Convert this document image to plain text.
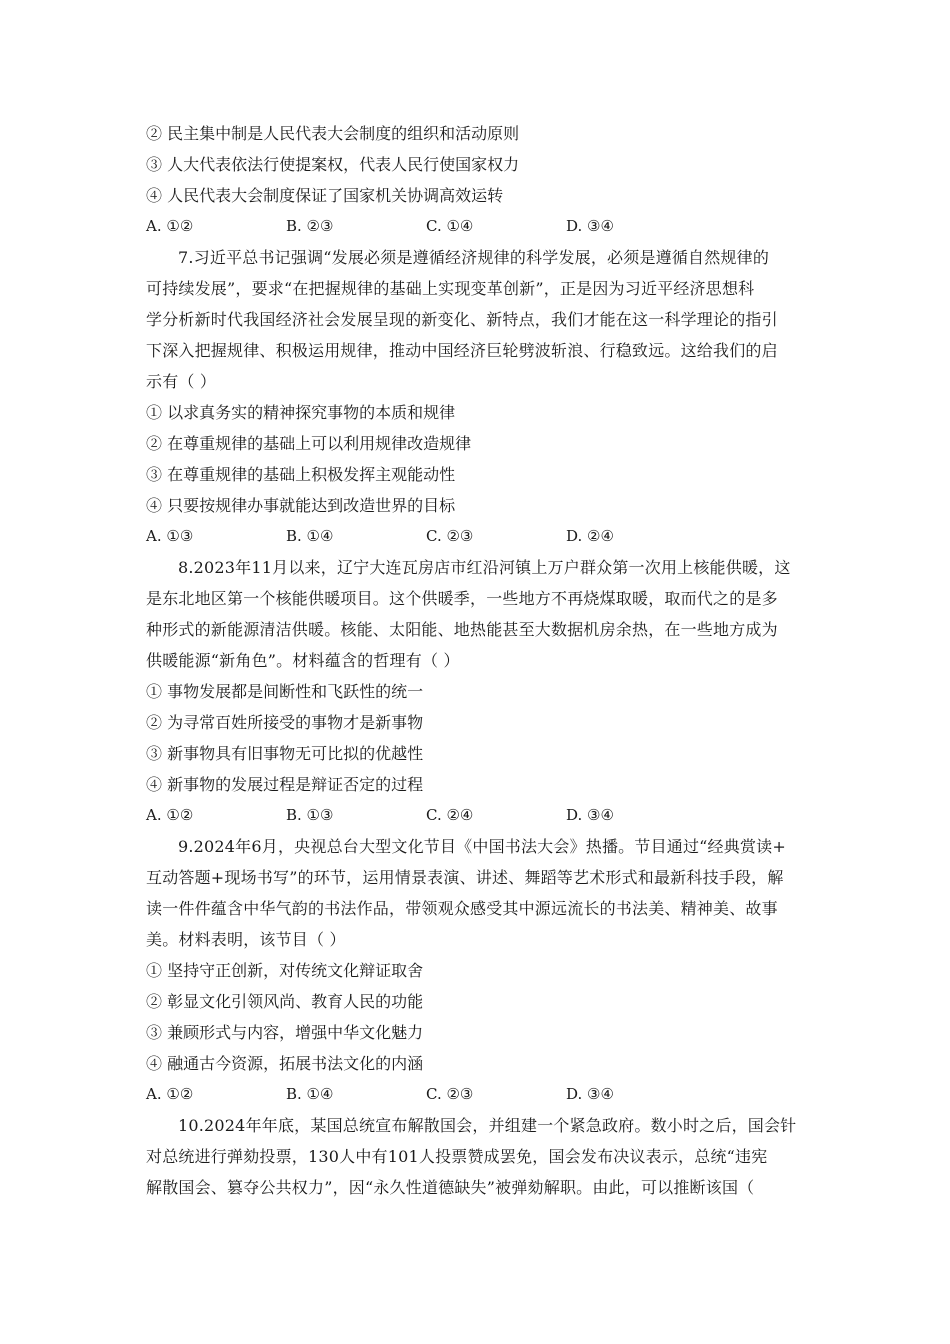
② 民主集中制是人民代表大会制度的组织和活动原则
③ 人大代表依法行使提案权，代表人民行使国家权力
④ 人民代表大会制度保证了国家机关协调高效运转
A. ①②	B. ②③	C. ①④	D. ③④
7.习近平总书记强调“发展必须是遵循经济规律的科学发展，必须是遵循自然规律的
可持续发展”，要求“在把握规律的基础上实现变革创新”，正是因为习近平经济思想科
学分析新时代我国经济社会发展呈现的新变化、新特点，我们才能在这一科学理论的指引
下深入把握规律、积极运用规律，推动中国经济巨轮劈波斩浪、行稳致远。这给我们的启
示有（ ）
① 以求真务实的精神探究事物的本质和规律
② 在尊重规律的基础上可以利用规律改造规律
③ 在尊重规律的基础上积极发挥主观能动性
④ 只要按规律办事就能达到改造世界的目标
A. ①③	B. ①④	C. ②③	D. ②④
8.2023年11月以来，辽宁大连瓦房店市红沿河镇上万户群众第一次用上核能供暖，这
是东北地区第一个核能供暖项目。这个供暖季，一些地方不再烧煤取暖，取而代之的是多
种形式的新能源清洁供暖。核能、太阳能、地热能甚至大数据机房余热，在一些地方成为
供暖能源“新角色”。材料蕴含的哲理有（ ）
① 事物发展都是间断性和飞跃性的统一
② 为寻常百姓所接受的事物才是新事物
③ 新事物具有旧事物无可比拟的优越性
④ 新事物的发展过程是辩证否定的过程
A. ①②	B. ①③	C. ②④	D. ③④
9.2024年6月，央视总台大型文化节目《中国书法大会》热播。节目通过“经典赏读+
互动答题+现场书写”的环节，运用情景表演、讲述、舞蹈等艺术形式和最新科技手段，解
读一件件蕴含中华气韵的书法作品，带领观众感受其中源远流长的书法美、精神美、故事
美。材料表明，该节目（ ）
① 坚持守正创新，对传统文化辩证取舍
② 彰显文化引领风尚、教育人民的功能
③ 兼顾形式与内容，增强中华文化魅力
④ 融通古今资源，拓展书法文化的内涵
A. ①②	B. ①④	C. ②③	D. ③④
10.2024年年底，某国总统宣布解散国会，并组建一个紧急政府。数小时之后，国会针
对总统进行弹劾投票，130人中有101人投票赞成罢免，国会发布决议表示，总统“违宪
解散国会、篡夺公共权力”，因“永久性道德缺失”被弹劾解职。由此，可以推断该国（
